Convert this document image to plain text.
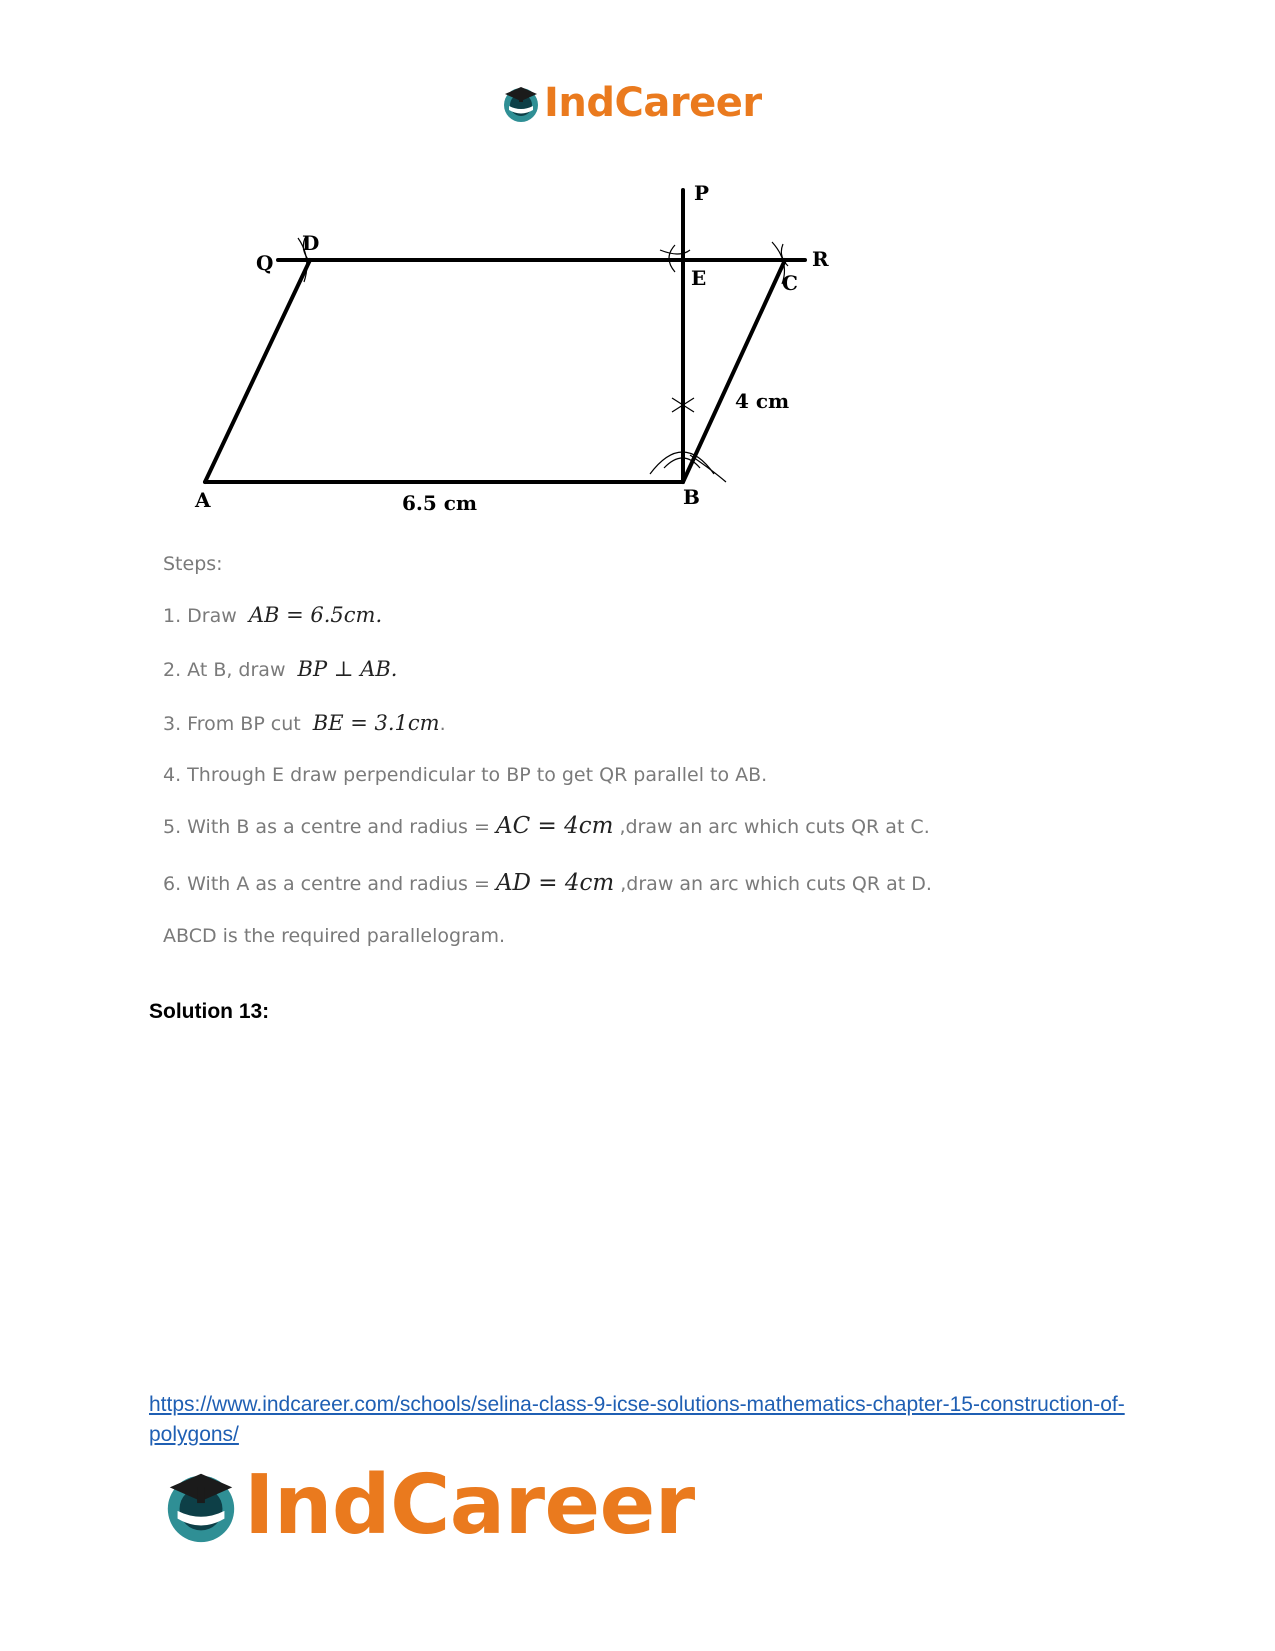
IndCareer
A	B
C
D
E
P
Q	R
6.5 cm
4 cm
Steps:
1. Draw AB = 6.5cm.
2. At B, draw BP ⊥ AB.
3. From BP cut BE = 3.1cm.
4. Through E draw perpendicular to BP to get QR parallel to AB.
5. With B as a centre and radius = AC = 4cm ,draw an arc which cuts QR at C.
6. With A as a centre and radius = AD = 4cm ,draw an arc which cuts QR at D.
ABCD is the required parallelogram.
Solution 13:
https://www.indcareer.com/schools/selina-class-9-icse-solutions-mathematics-chapter-15-construction-of-polygons/
IndCareer
